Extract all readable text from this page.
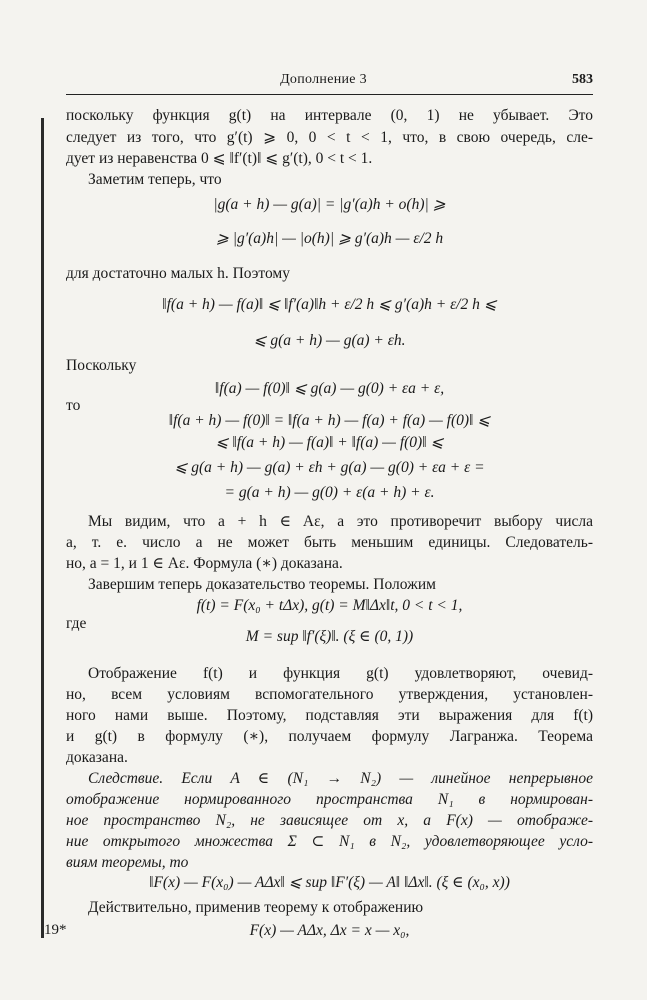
Дополнение 3	583
поскольку функция g(t) на интервале (0, 1) не убывает. Это
следует из того, что g′(t) ⩾ 0, 0 < t < 1, что, в свою очередь, сле-
дует из неравенства 0 ⩽ ‖f′(t)‖ ⩽ g′(t), 0 < t < 1.
Заметим теперь, что
|g(a + h) — g(a)| = |g′(a)h + o(h)| ⩾
⩾ |g′(a)h| — |o(h)| ⩾ g′(a)h — ε/2 h
для достаточно малых h. Поэтому
‖f(a + h) — f(a)‖ ⩽ ‖f′(a)‖h + ε/2 h ⩽ g′(a)h + ε/2 h ⩽
⩽ g(a + h) — g(a) + εh.
Поскольку
‖f(a) — f(0)‖ ⩽ g(a) — g(0) + εa + ε,
то
‖f(a + h) — f(0)‖ = ‖f(a + h) — f(a) + f(a) — f(0)‖ ⩽
⩽ ‖f(a + h) — f(a)‖ + ‖f(a) — f(0)‖ ⩽
⩽ g(a + h) — g(a) + εh + g(a) — g(0) + εa + ε =
= g(a + h) — g(0) + ε(a + h) + ε.
Мы видим, что a + h ∈ Aε, а это противоречит выбору числа
a, т. е. число a не может быть меньшим единицы. Следователь-
но, a = 1, и 1 ∈ Aε. Формула (∗) доказана.
Завершим теперь доказательство теоремы. Положим
f(t) = F(x₀ + tΔx), g(t) = M‖Δx‖t, 0 < t < 1,
где
M = sup ‖f′(ξ)‖. (ξ ∈ (0, 1))
Отображение f(t) и функция g(t) удовлетворяют, очевид-
но, всем условиям вспомогательного утверждения, установлен-
ного нами выше. Поэтому, подставляя эти выражения для f(t)
и g(t) в формулу (∗), получаем формулу Лагранжа. Теорема
доказана.
Следствие. Если A ∈ (N₁ → N₂) — линейное непрерывное
отображение нормированного пространства N₁ в нормирован-
ное пространство N₂, не зависящее от x, а F(x) — отображе-
ние открытого множества Σ ⊂ N₁ в N₂, удовлетворяющее усло-
виям теоремы, то
‖F(x) — F(x₀) — AΔx‖ ⩽ sup ‖F′(ξ) — A‖ ‖Δx‖. (ξ ∈ (x₀, x))
Действительно, применив теорему к отображению
F(x) — AΔx, Δx = x — x₀,
19*
